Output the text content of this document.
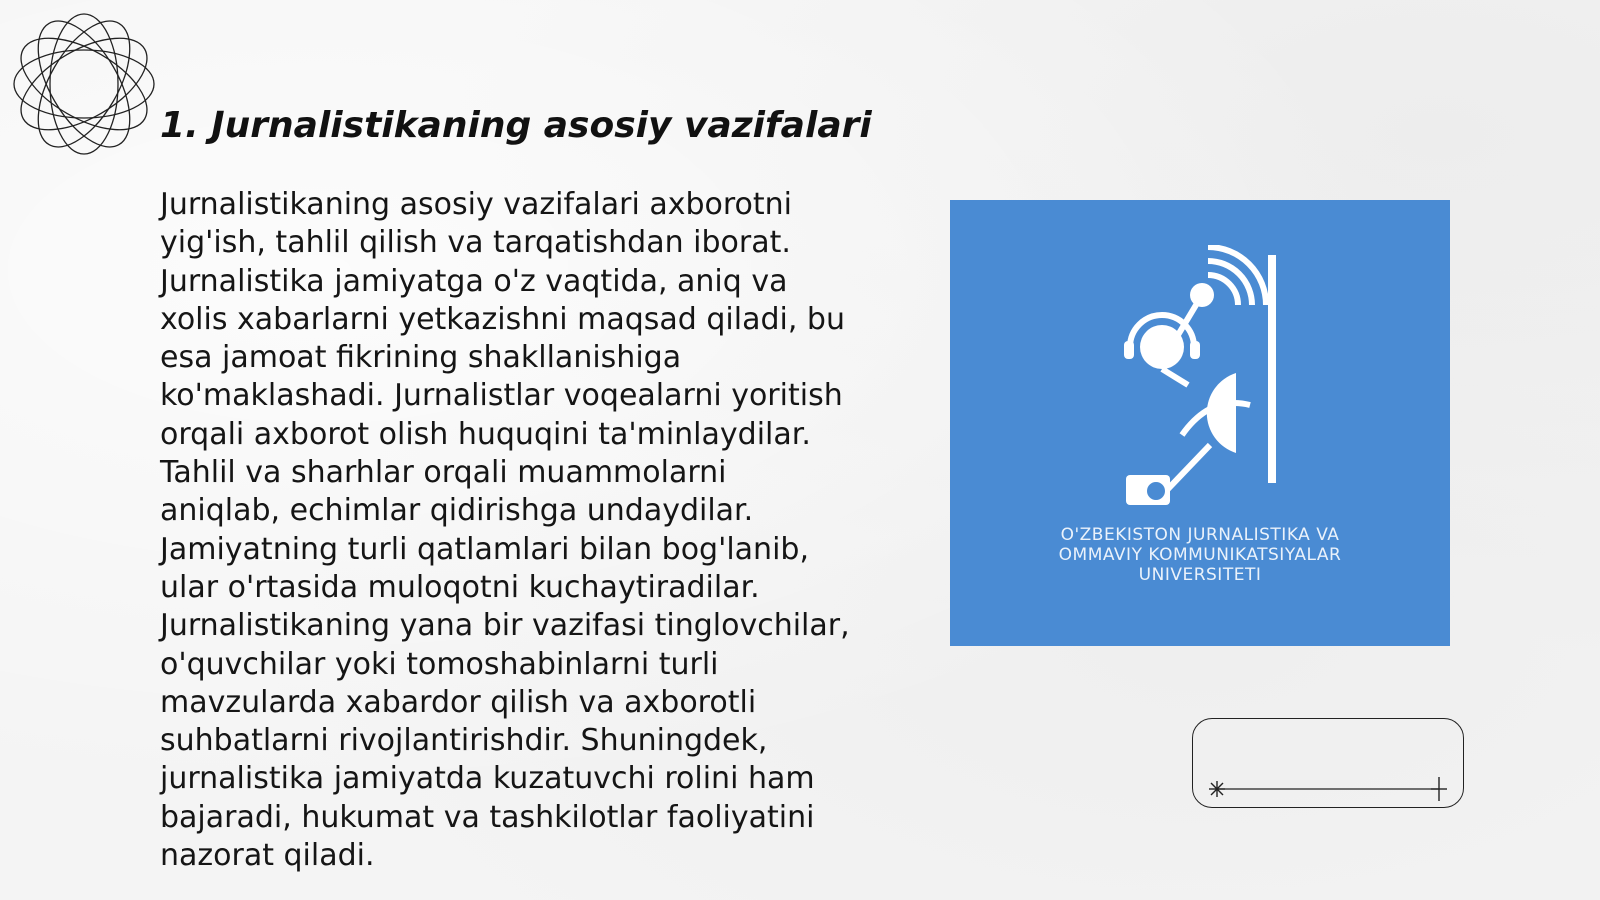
1. Jurnalistikaning asosiy vazifalari

Jurnalistikaning asosiy vazifalari axborotni yig'ish, tahlil qilish va tarqatishdan iborat. Jurnalistika jamiyatga o'z vaqtida, aniq va xolis xabarlarni yetkazishni maqsad qiladi, bu esa jamoat fikrining shakllanishiga ko'maklashadi. Jurnalistlar voqealarni yoritish orqali axborot olish huquqini ta'minlaydilar. Tahlil va sharhlar orqali muammolarni aniqlab, echimlar qidirishga undaydilar. Jamiyatning turli qatlamlari bilan bog'lanib, ular o'rtasida muloqotni kuchaytiradilar. Jurnalistikaning yana bir vazifasi tinglovchilar, o'quvchilar yoki tomoshabinlarni turli mavzularda xabardor qilish va axborotli suhbatlarni rivojlantirishdir. Shuningdek, jurnalistika jamiyatda kuzatuvchi rolini ham bajaradi, hukumat va tashkilotlar faoliyatini nazorat qiladi.

O'ZBEKISTON JURNALISTIKA VA
OMMAVIY KOMMUNIKATSIYALAR
UNIVERSITETI
